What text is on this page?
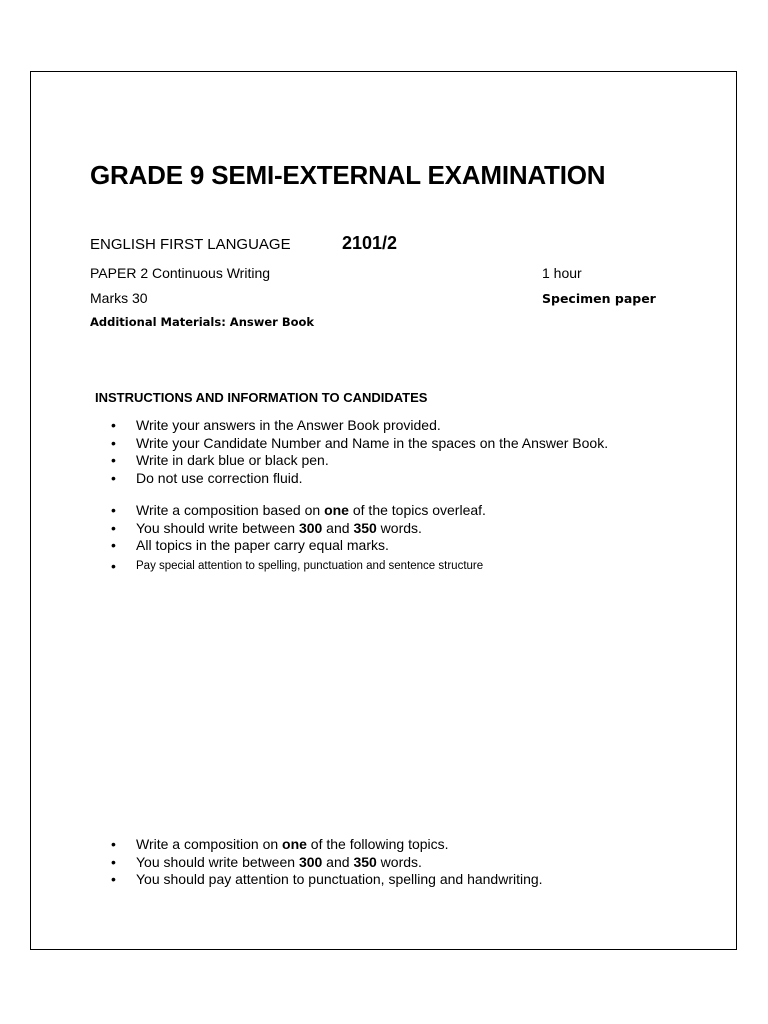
GRADE 9 SEMI-EXTERNAL EXAMINATION
ENGLISH FIRST LANGUAGE	2101/2
PAPER 2 Continuous Writing	1 hour
Marks 30	Specimen paper
Additional Materials: Answer Book
INSTRUCTIONS AND INFORMATION TO CANDIDATES
• Write your answers in the Answer Book provided.
• Write your Candidate Number and Name in the spaces on the Answer Book.
• Write in dark blue or black pen.
• Do not use correction fluid.
• Write a composition based on one of the topics overleaf.
• You should write between 300 and 350 words.
• All topics in the paper carry equal marks.
• Pay special attention to spelling, punctuation and sentence structure
• Write a composition on one of the following topics.
• You should write between 300 and 350 words.
• You should pay attention to punctuation, spelling and handwriting.
